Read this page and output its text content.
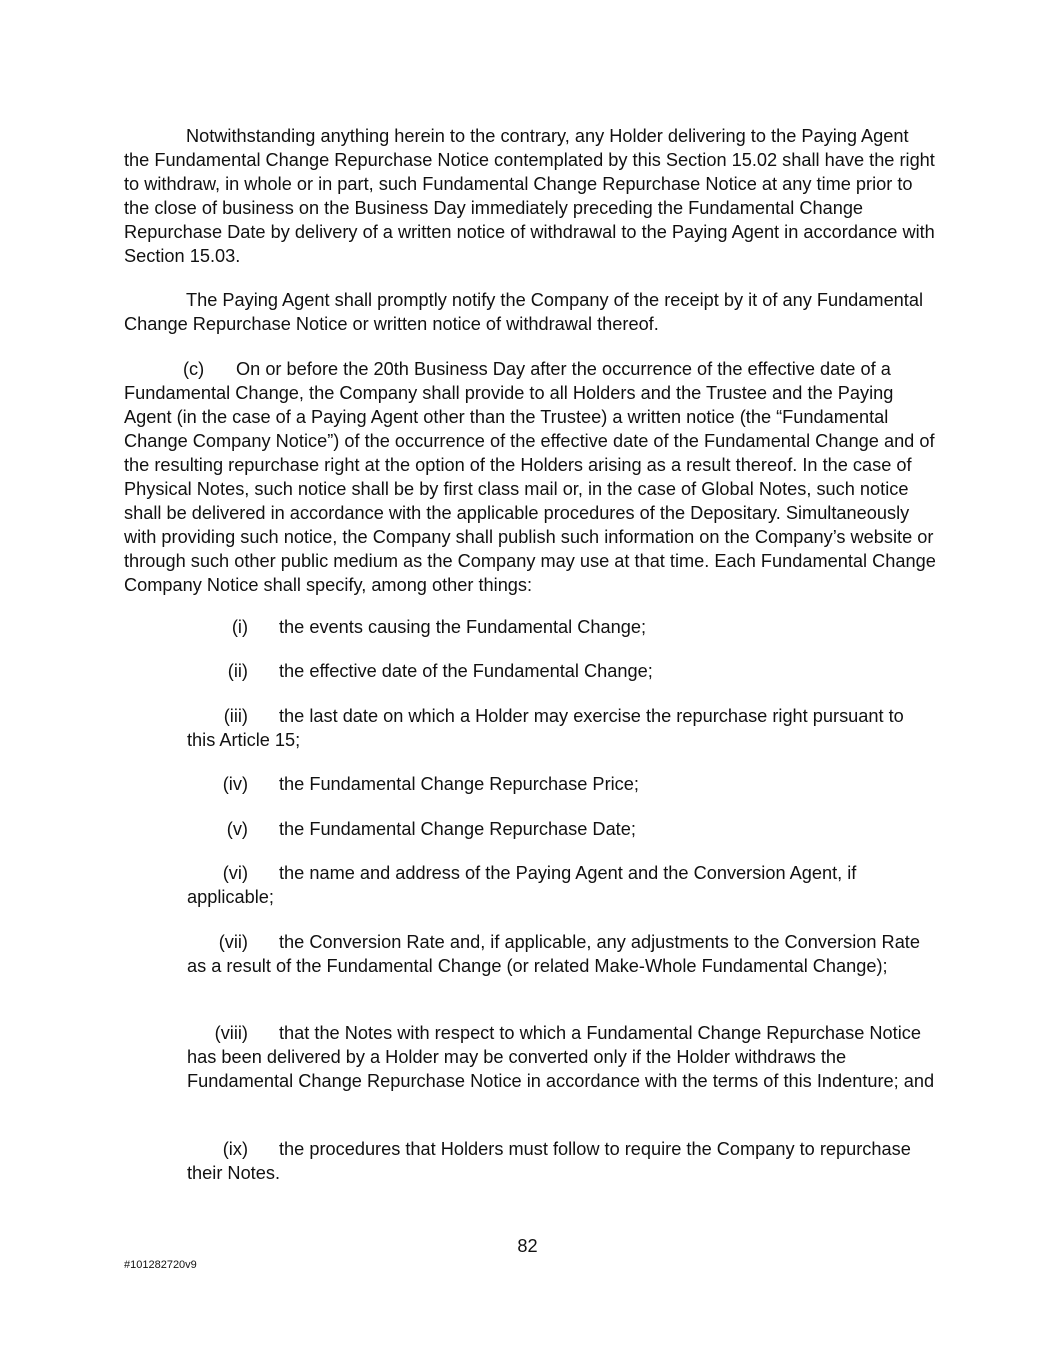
Notwithstanding anything herein to the contrary, any Holder delivering to the Paying Agent the Fundamental Change Repurchase Notice contemplated by this Section 15.02 shall have the right to withdraw, in whole or in part, such Fundamental Change Repurchase Notice at any time prior to the close of business on the Business Day immediately preceding the Fundamental Change Repurchase Date by delivery of a written notice of withdrawal to the Paying Agent in accordance with Section 15.03.

The Paying Agent shall promptly notify the Company of the receipt by it of any Fundamental Change Repurchase Notice or written notice of withdrawal thereof.

(c) On or before the 20th Business Day after the occurrence of the effective date of a Fundamental Change, the Company shall provide to all Holders and the Trustee and the Paying Agent (in the case of a Paying Agent other than the Trustee) a written notice (the “Fundamental Change Company Notice”) of the occurrence of the effective date of the Fundamental Change and of the resulting repurchase right at the option of the Holders arising as a result thereof. In the case of Physical Notes, such notice shall be by first class mail or, in the case of Global Notes, such notice shall be delivered in accordance with the applicable procedures of the Depositary. Simultaneously with providing such notice, the Company shall publish such information on the Company’s website or through such other public medium as the Company may use at that time. Each Fundamental Change Company Notice shall specify, among other things:

(i) the events causing the Fundamental Change;

(ii) the effective date of the Fundamental Change;

(iii) the last date on which a Holder may exercise the repurchase right pursuant to this Article 15;

(iv) the Fundamental Change Repurchase Price;

(v) the Fundamental Change Repurchase Date;

(vi) the name and address of the Paying Agent and the Conversion Agent, if applicable;

(vii) the Conversion Rate and, if applicable, any adjustments to the Conversion Rate as a result of the Fundamental Change (or related Make-Whole Fundamental Change);

(viii) that the Notes with respect to which a Fundamental Change Repurchase Notice has been delivered by a Holder may be converted only if the Holder withdraws the Fundamental Change Repurchase Notice in accordance with the terms of this Indenture; and

(ix) the procedures that Holders must follow to require the Company to repurchase their Notes.

82
#101282720v9
